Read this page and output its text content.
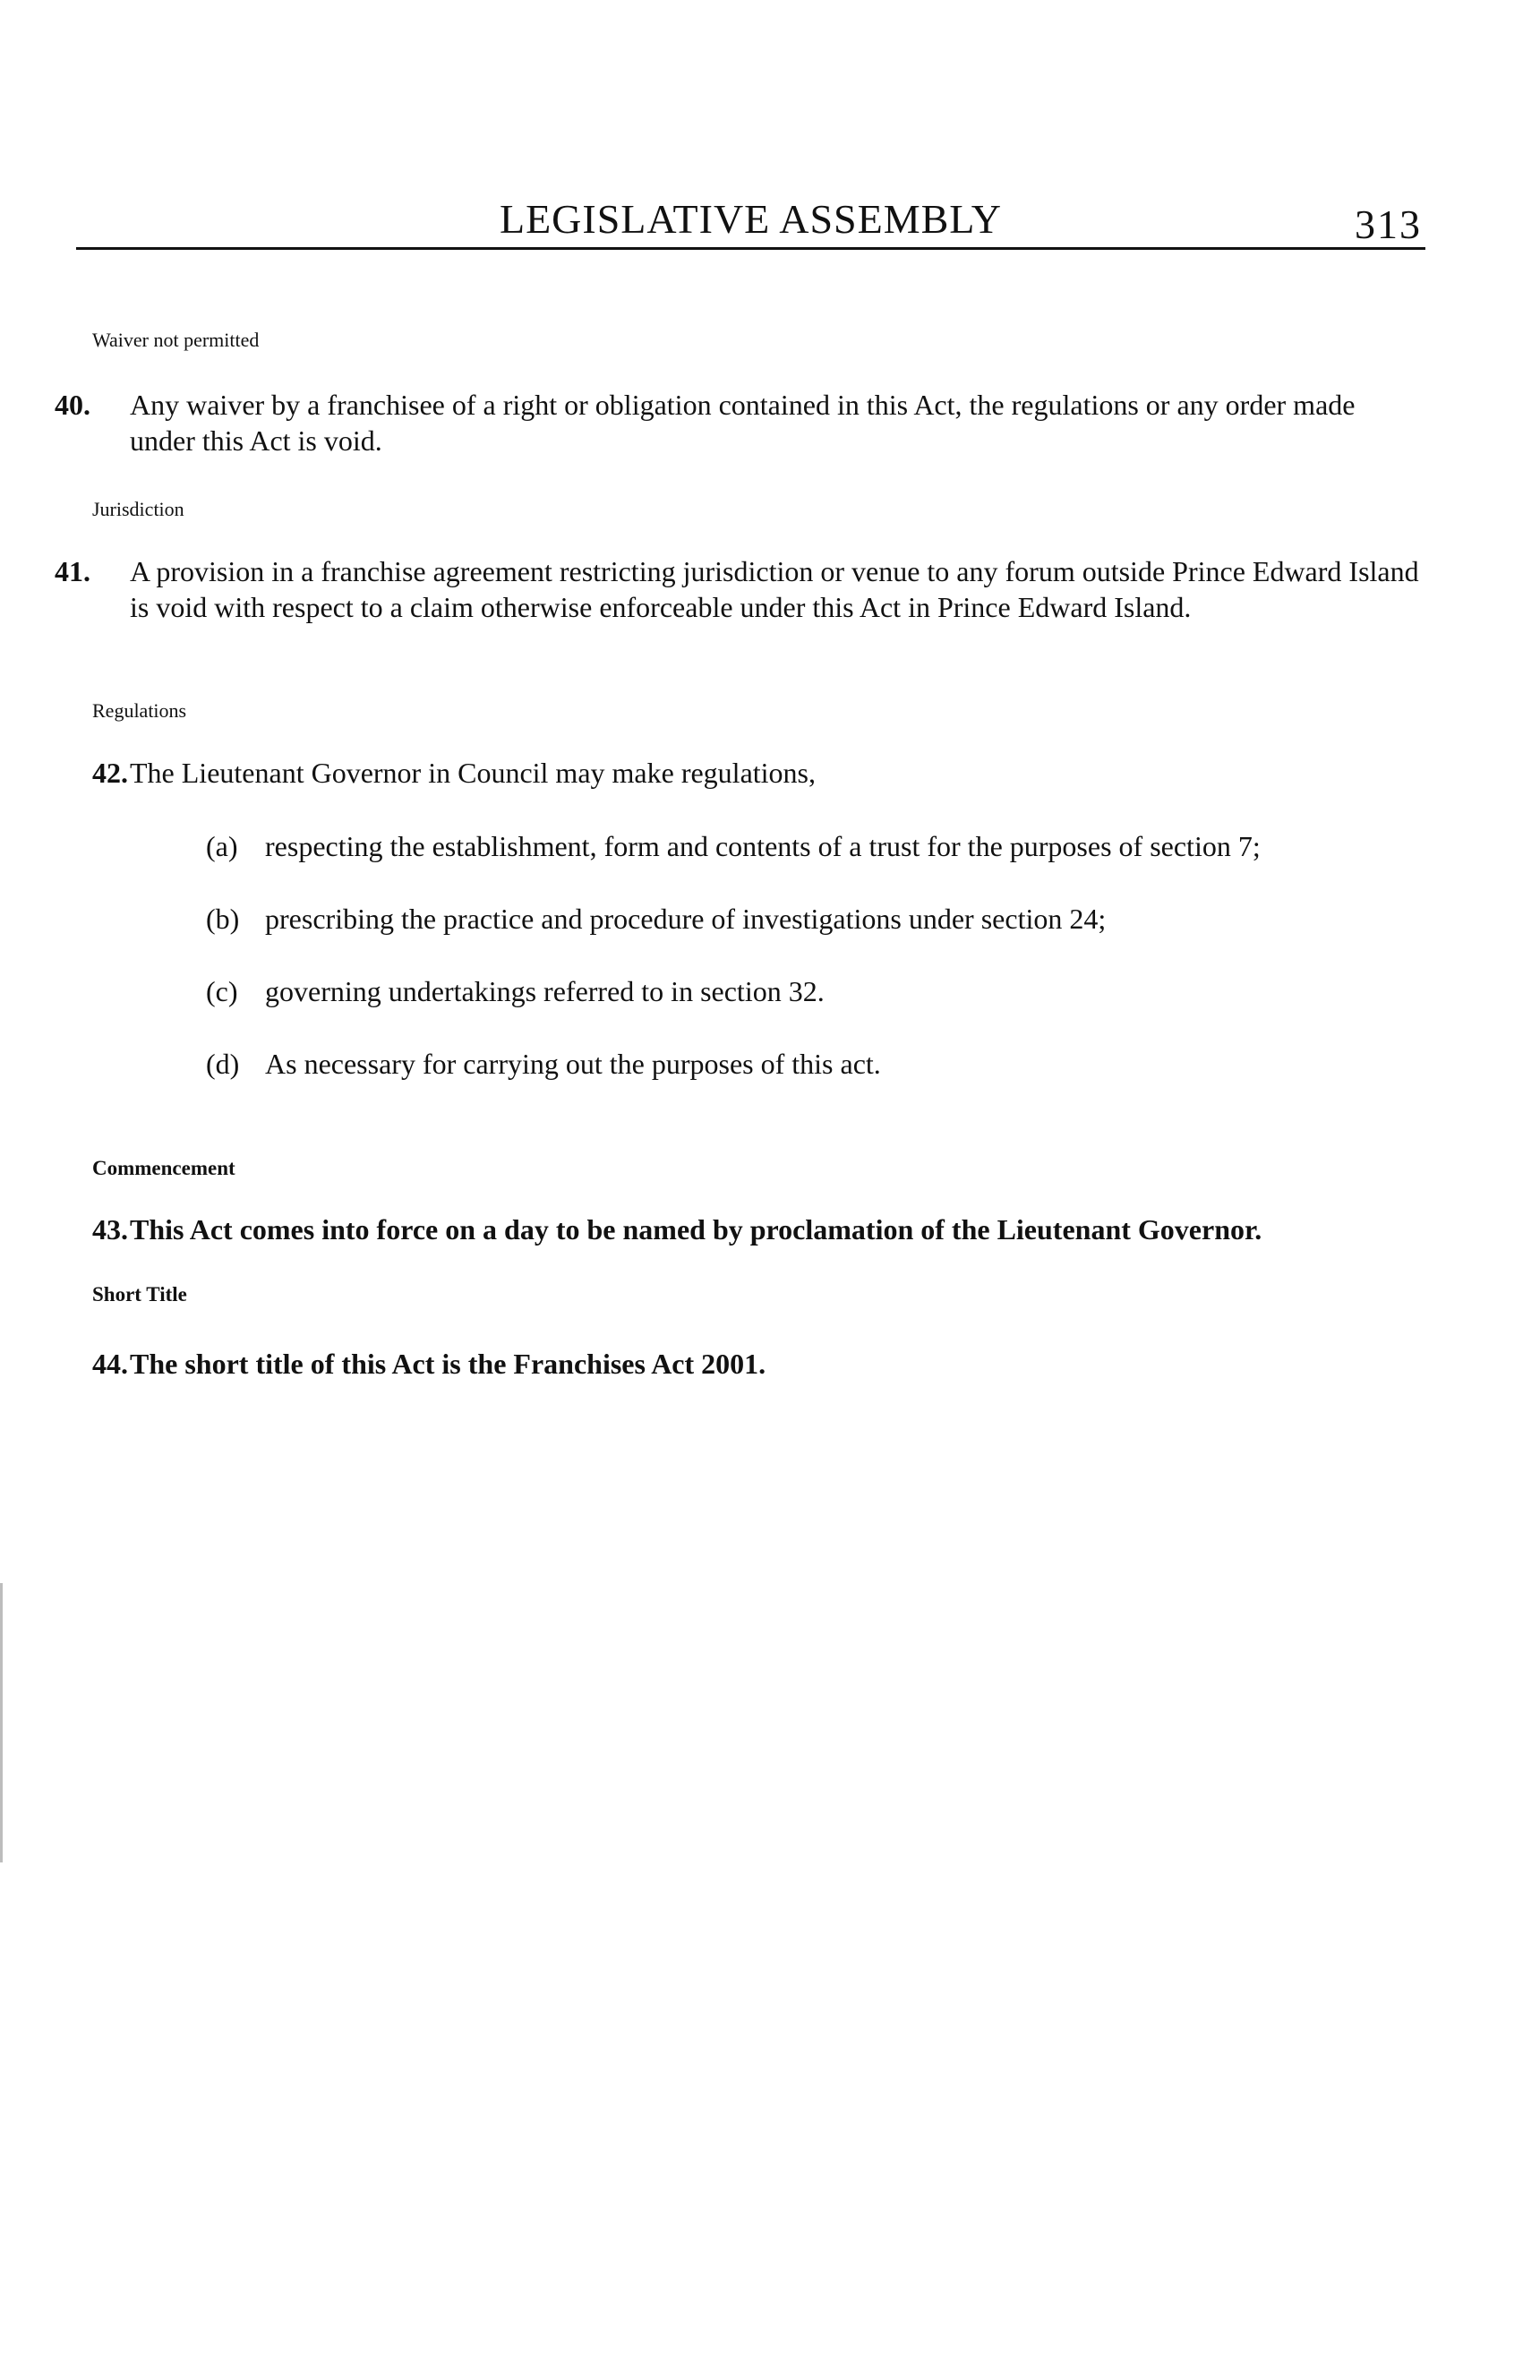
LEGISLATIVE ASSEMBLY	313
Waiver not permitted
40. Any waiver by a franchisee of a right or obligation contained in this Act, the regulations or any order made under this Act is void.
Jurisdiction
41. A provision in a franchise agreement restricting jurisdiction or venue to any forum outside Prince Edward Island is void with respect to a claim otherwise enforceable under this Act in Prince Edward Island.
Regulations
42.The Lieutenant Governor in Council may make regulations,
(a) respecting the establishment, form and contents of a trust for the purposes of section 7;
(b) prescribing the practice and procedure of investigations under section 24;
(c) governing undertakings referred to in section 32.
(d) As necessary for carrying out the purposes of this act.
Commencement
43.This Act comes into force on a day to be named by proclamation of the Lieutenant Governor.
Short Title
44.The short title of this Act is the Franchises Act 2001.
